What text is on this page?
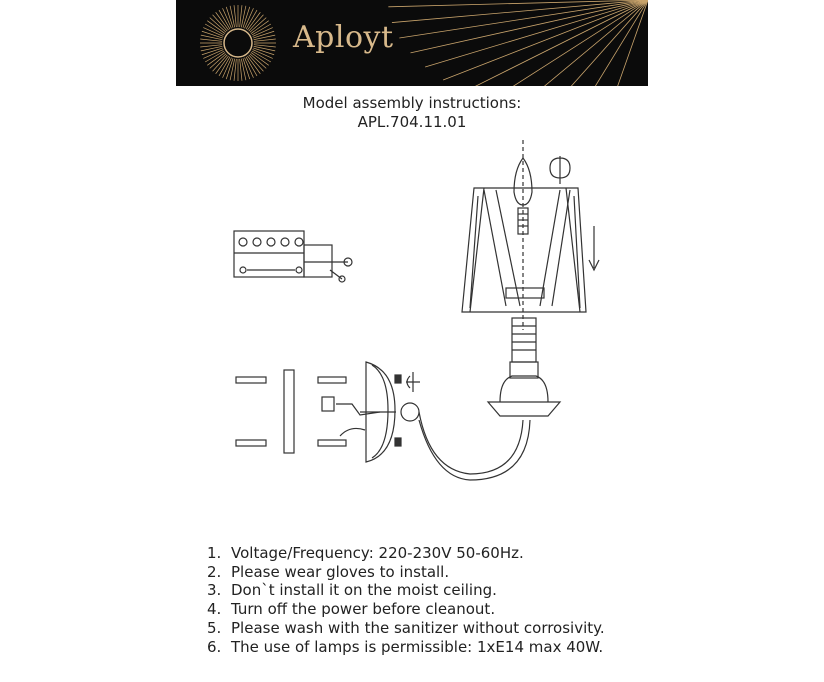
Aployt
Model assembly instructions:
APL.704.11.01
1. Voltage/Frequency: 220-230V 50-60Hz.
2. Please wear gloves to install.
3. Don`t install it on the moist ceiling.
4. Turn off the power before cleanout.
5. Please wash with the sanitizer without corrosivity.
6. The use of lamps is permissible: 1xE14 max 40W.
